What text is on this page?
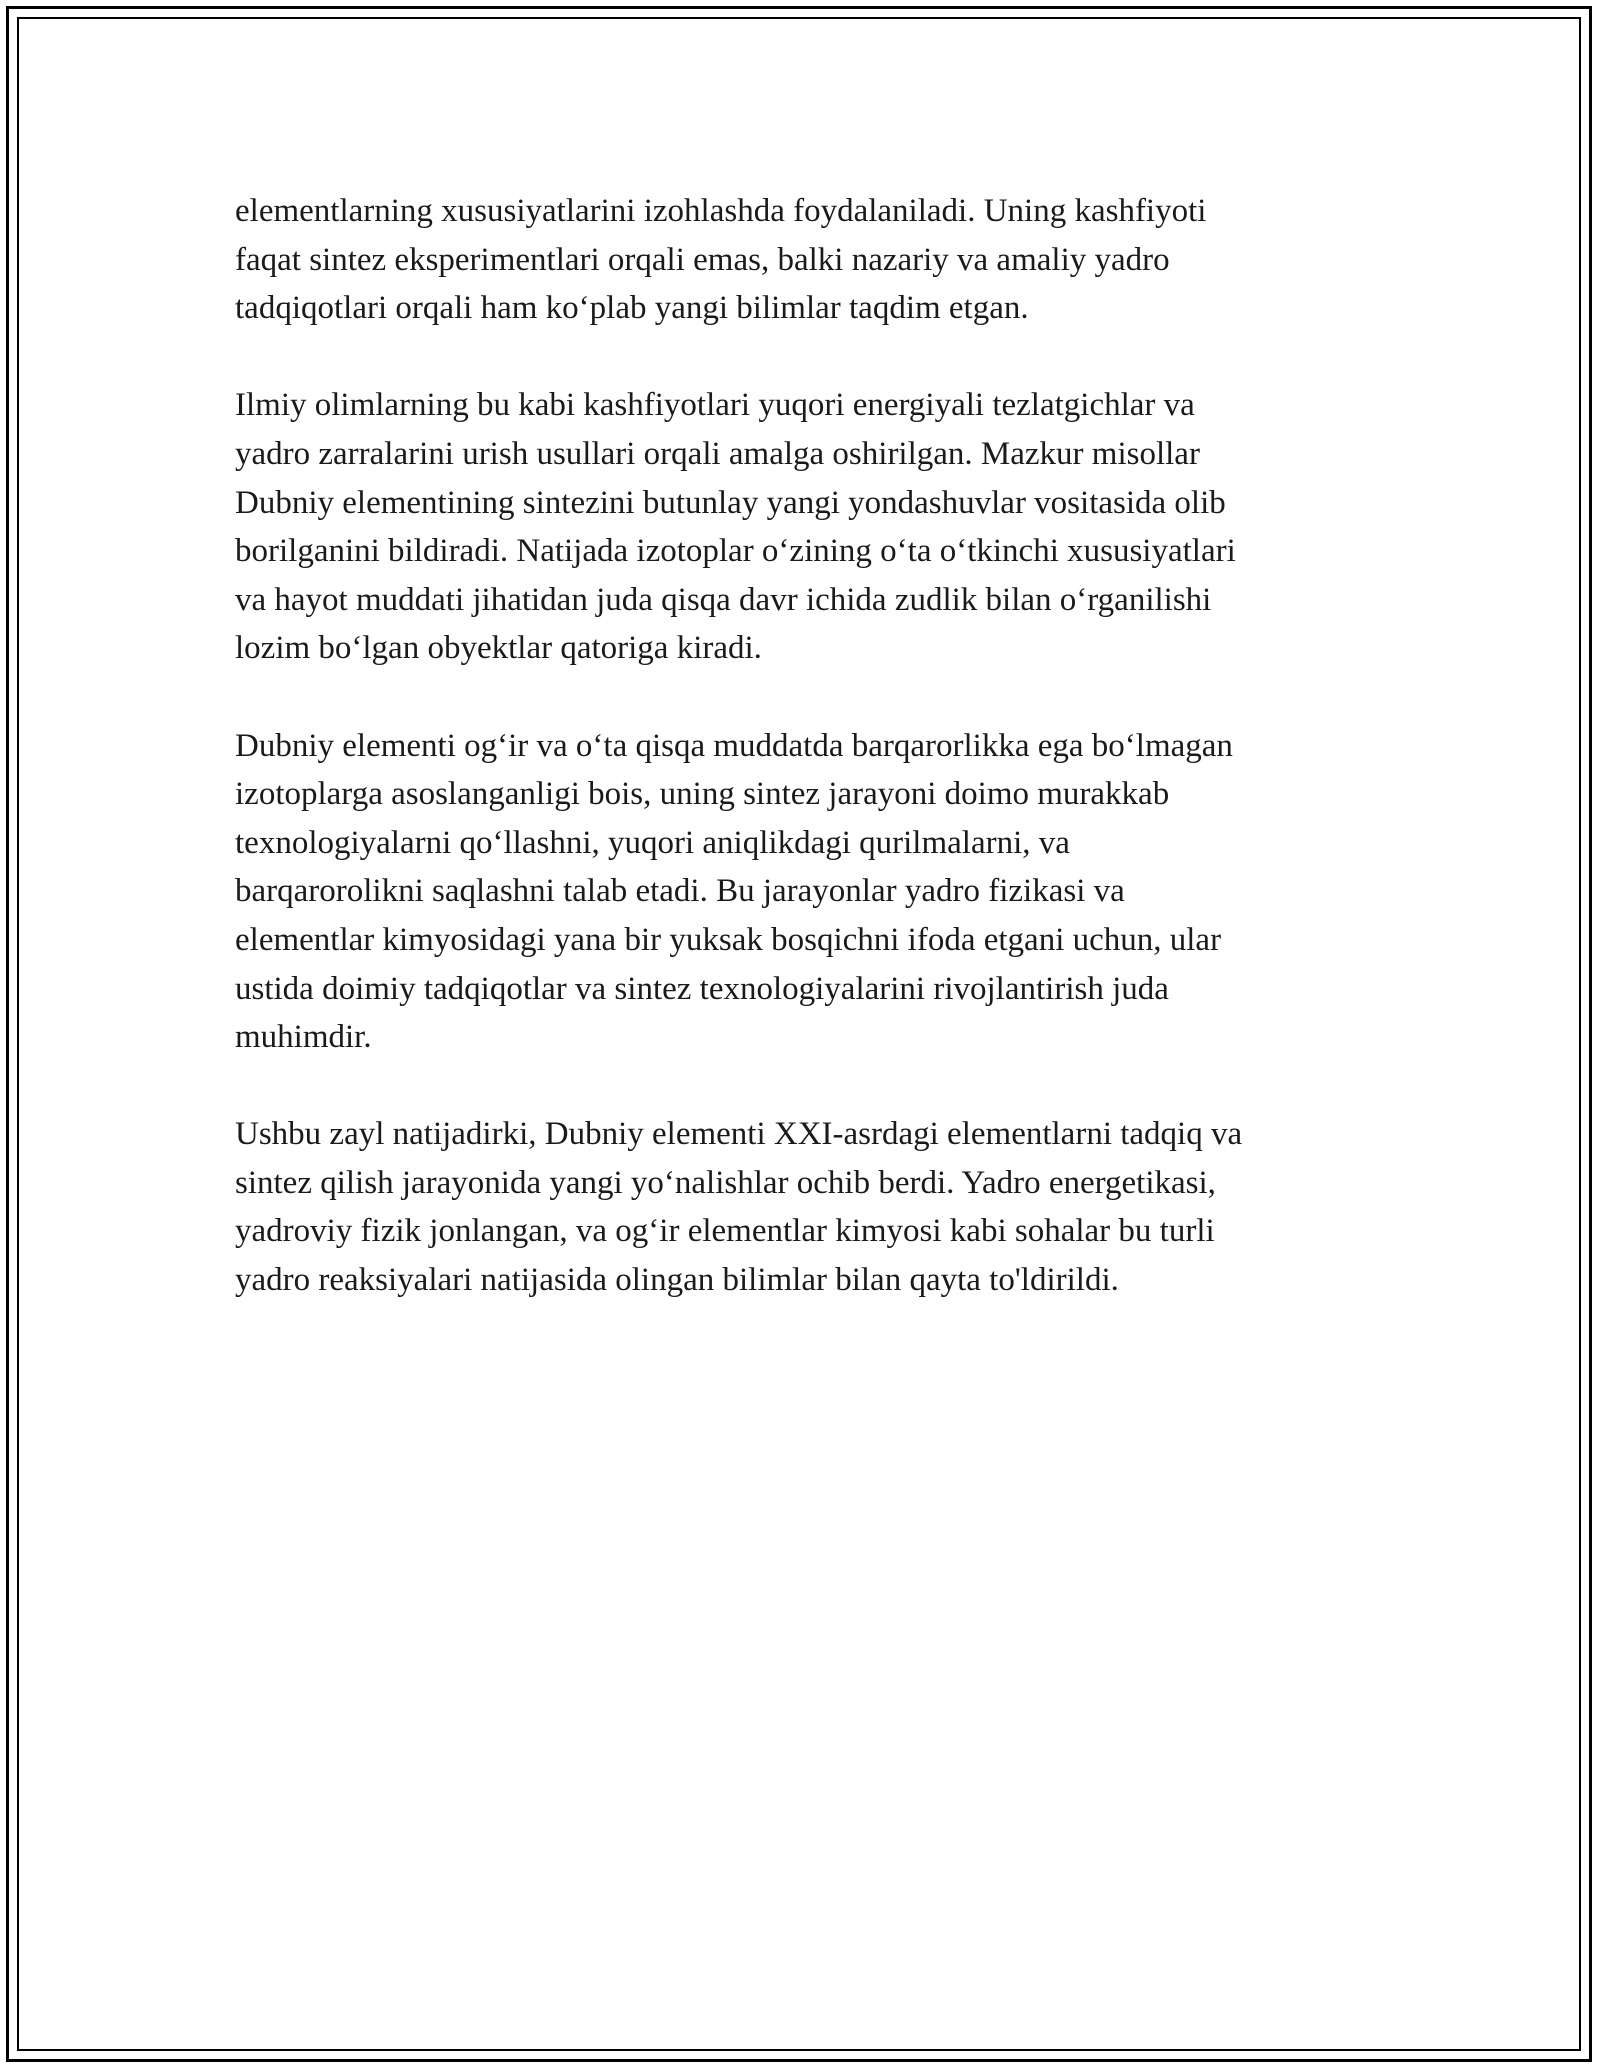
elementlarning xususiyatlarini izohlashda foydalaniladi. Uning kashfiyoti
faqat sintez eksperimentlari orqali emas, balki nazariy va amaliy yadro
tadqiqotlari orqali ham ko‘plab yangi bilimlar taqdim etgan.

Ilmiy olimlarning bu kabi kashfiyotlari yuqori energiyali tezlatgichlar va
yadro zarralarini urish usullari orqali amalga oshirilgan. Mazkur misollar
Dubniy elementining sintezini butunlay yangi yondashuvlar vositasida olib
borilganini bildiradi. Natijada izotoplar o‘zining o‘ta o‘tkinchi xususiyatlari
va hayot muddati jihatidan juda qisqa davr ichida zudlik bilan o‘rganilishi
lozim bo‘lgan obyektlar qatoriga kiradi.

Dubniy elementi og‘ir va o‘ta qisqa muddatda barqarorlikka ega bo‘lmagan
izotoplarga asoslanganligi bois, uning sintez jarayoni doimo murakkab
texnologiyalarni qo‘llashni, yuqori aniqlikdagi qurilmalarni, va
barqarorolikni saqlashni talab etadi. Bu jarayonlar yadro fizikasi va
elementlar kimyosidagi yana bir yuksak bosqichni ifoda etgani uchun, ular
ustida doimiy tadqiqotlar va sintez texnologiyalarini rivojlantirish juda
muhimdir.

Ushbu zayl natijadirki, Dubniy elementi XXI-asrdagi elementlarni tadqiq va
sintez qilish jarayonida yangi yo‘nalishlar ochib berdi. Yadro energetikasi,
yadroviy fizik jonlangan, va og‘ir elementlar kimyosi kabi sohalar bu turli
yadro reaksiyalari natijasida olingan bilimlar bilan qayta to'ldirildi.
